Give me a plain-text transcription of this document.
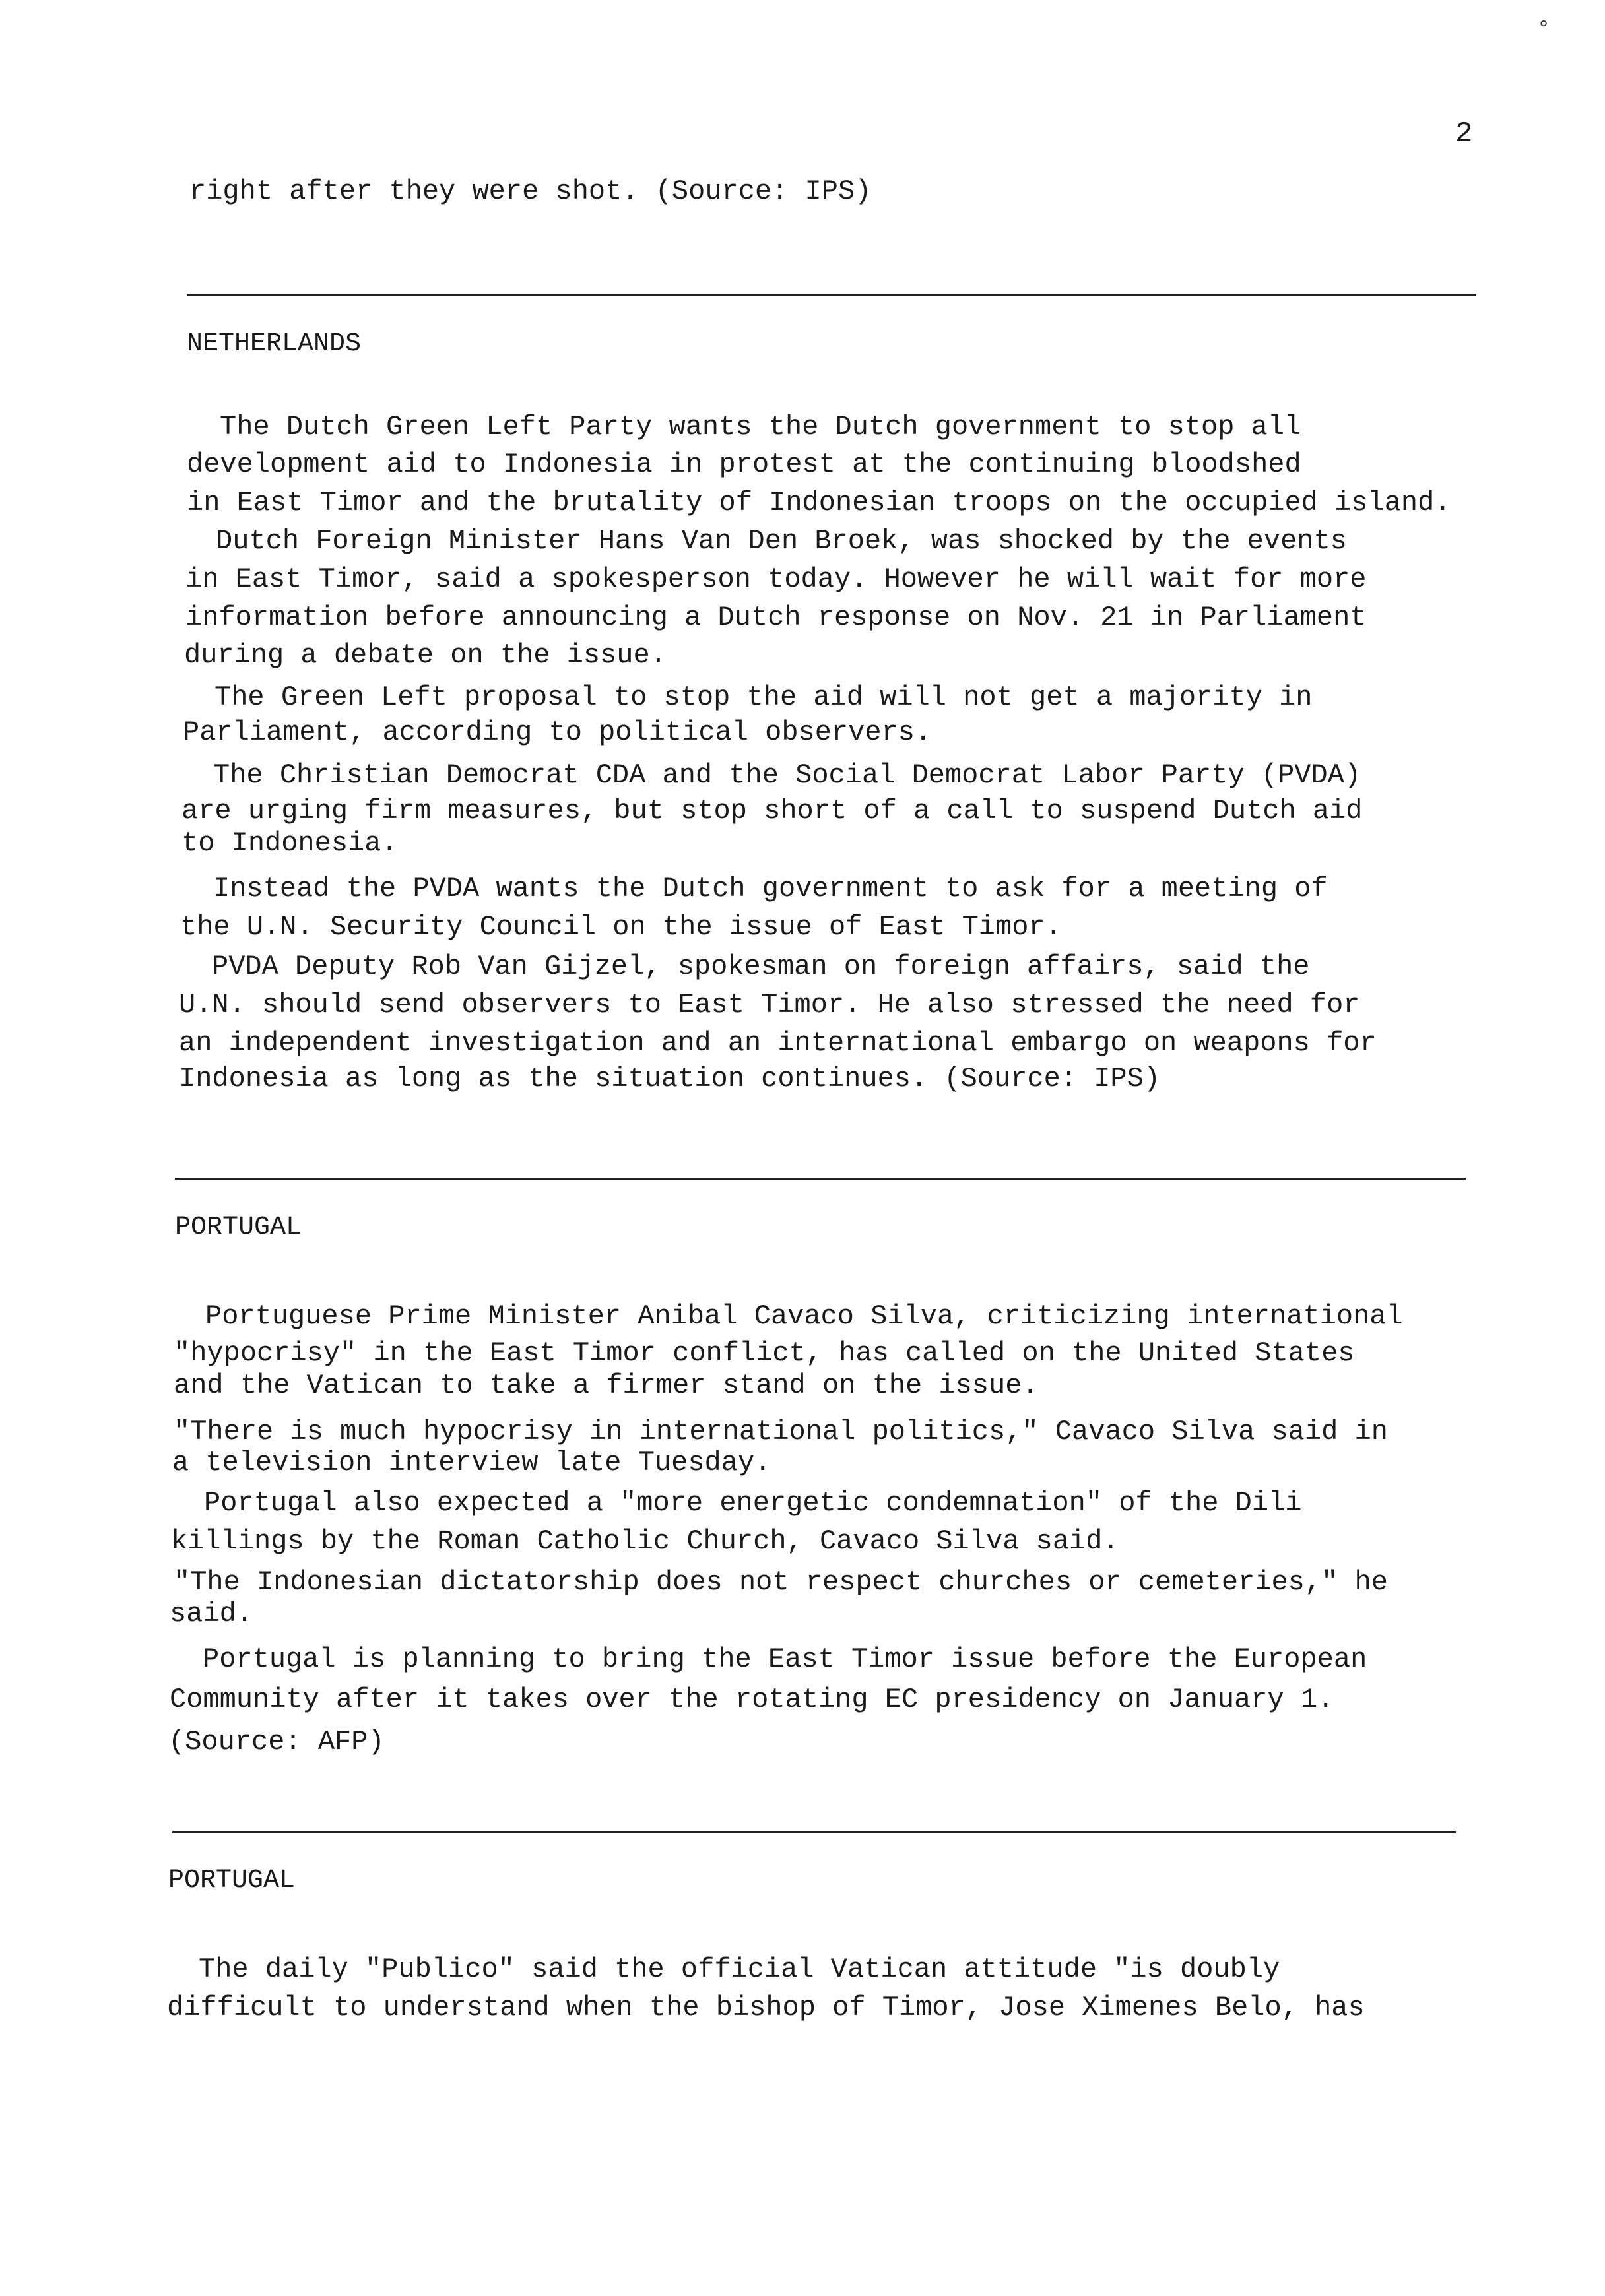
∘
2
right after they were shot. (Source: IPS)
NETHERLANDS
The Dutch Green Left Party wants the Dutch government to stop all
development aid to Indonesia in protest at the continuing bloodshed
in East Timor and the brutality of Indonesian troops on the occupied island.
Dutch Foreign Minister Hans Van Den Broek, was shocked by the events
in East Timor, said a spokesperson today. However he will wait for more
information before announcing a Dutch response on Nov. 21 in Parliament
during a debate on the issue.
The Green Left proposal to stop the aid will not get a majority in
Parliament, according to political observers.
The Christian Democrat CDA and the Social Democrat Labor Party (PVDA)
are urging firm measures, but stop short of a call to suspend Dutch aid
to Indonesia.
Instead the PVDA wants the Dutch government to ask for a meeting of
the U.N. Security Council on the issue of East Timor.
PVDA Deputy Rob Van Gijzel, spokesman on foreign affairs, said the
U.N. should send observers to East Timor. He also stressed the need for
an independent investigation and an international embargo on weapons for
Indonesia as long as the situation continues. (Source: IPS)
PORTUGAL
Portuguese Prime Minister Anibal Cavaco Silva, criticizing international
"hypocrisy" in the East Timor conflict, has called on the United States
and the Vatican to take a firmer stand on the issue.
"There is much hypocrisy in international politics," Cavaco Silva said in
a television interview late Tuesday.
Portugal also expected a "more energetic condemnation" of the Dili
killings by the Roman Catholic Church, Cavaco Silva said.
"The Indonesian dictatorship does not respect churches or cemeteries," he
said.
Portugal is planning to bring the East Timor issue before the European
Community after it takes over the rotating EC presidency on January 1.
(Source: AFP)
PORTUGAL
The daily "Publico" said the official Vatican attitude "is doubly
difficult to understand when the bishop of Timor, Jose Ximenes Belo, has
